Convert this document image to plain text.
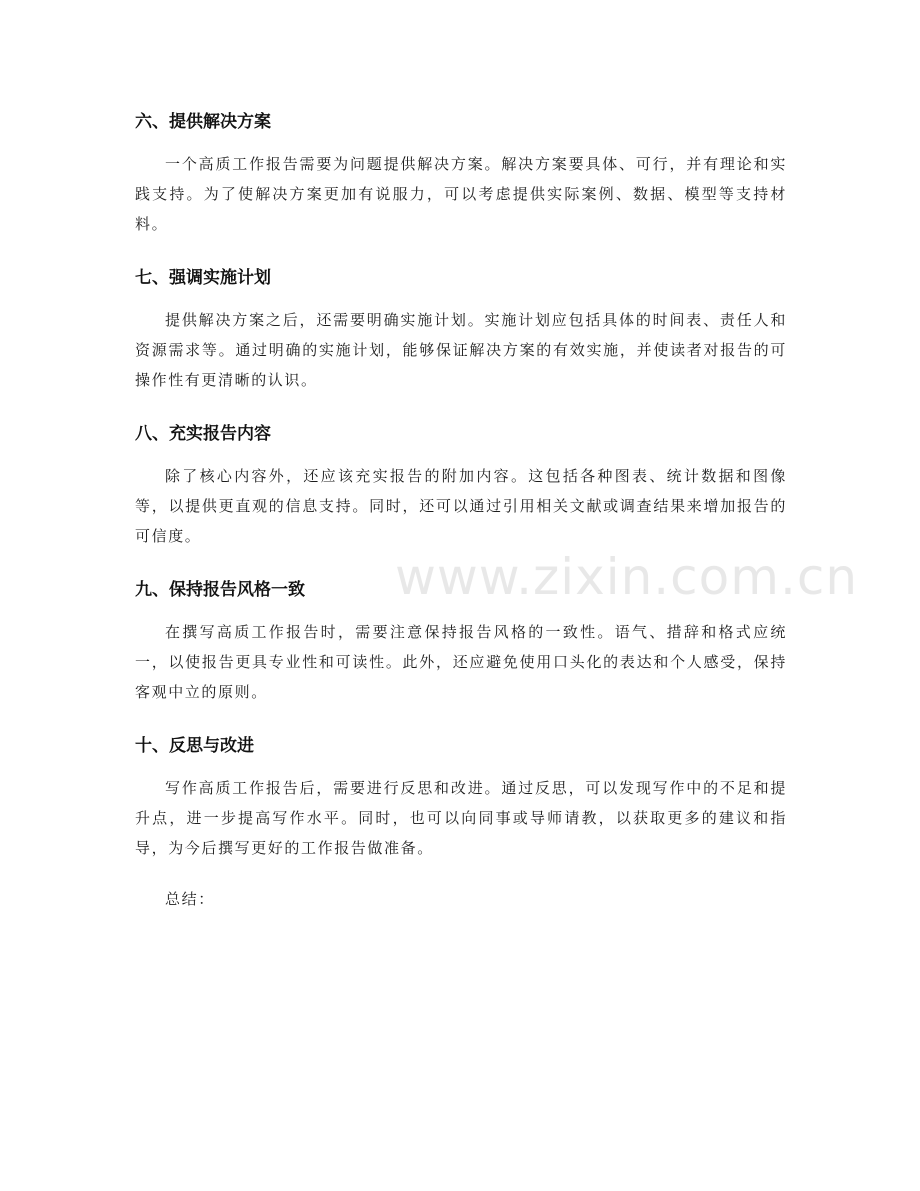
六、提供解决方案

一个高质工作报告需要为问题提供解决方案。解决方案要具体、可行，并有理论和实践支持。为了使解决方案更加有说服力，可以考虑提供实际案例、数据、模型等支持材料。

七、强调实施计划

提供解决方案之后，还需要明确实施计划。实施计划应包括具体的时间表、责任人和资源需求等。通过明确的实施计划，能够保证解决方案的有效实施，并使读者对报告的可操作性有更清晰的认识。

八、充实报告内容

除了核心内容外，还应该充实报告的附加内容。这包括各种图表、统计数据和图像等，以提供更直观的信息支持。同时，还可以通过引用相关文献或调查结果来增加报告的可信度。

九、保持报告风格一致

在撰写高质工作报告时，需要注意保持报告风格的一致性。语气、措辞和格式应统一，以使报告更具专业性和可读性。此外，还应避免使用口头化的表达和个人感受，保持客观中立的原则。

十、反思与改进

写作高质工作报告后，需要进行反思和改进。通过反思，可以发现写作中的不足和提升点，进一步提高写作水平。同时，也可以向同事或导师请教，以获取更多的建议和指导，为今后撰写更好的工作报告做准备。

总结：

www.zixin.com.cn
